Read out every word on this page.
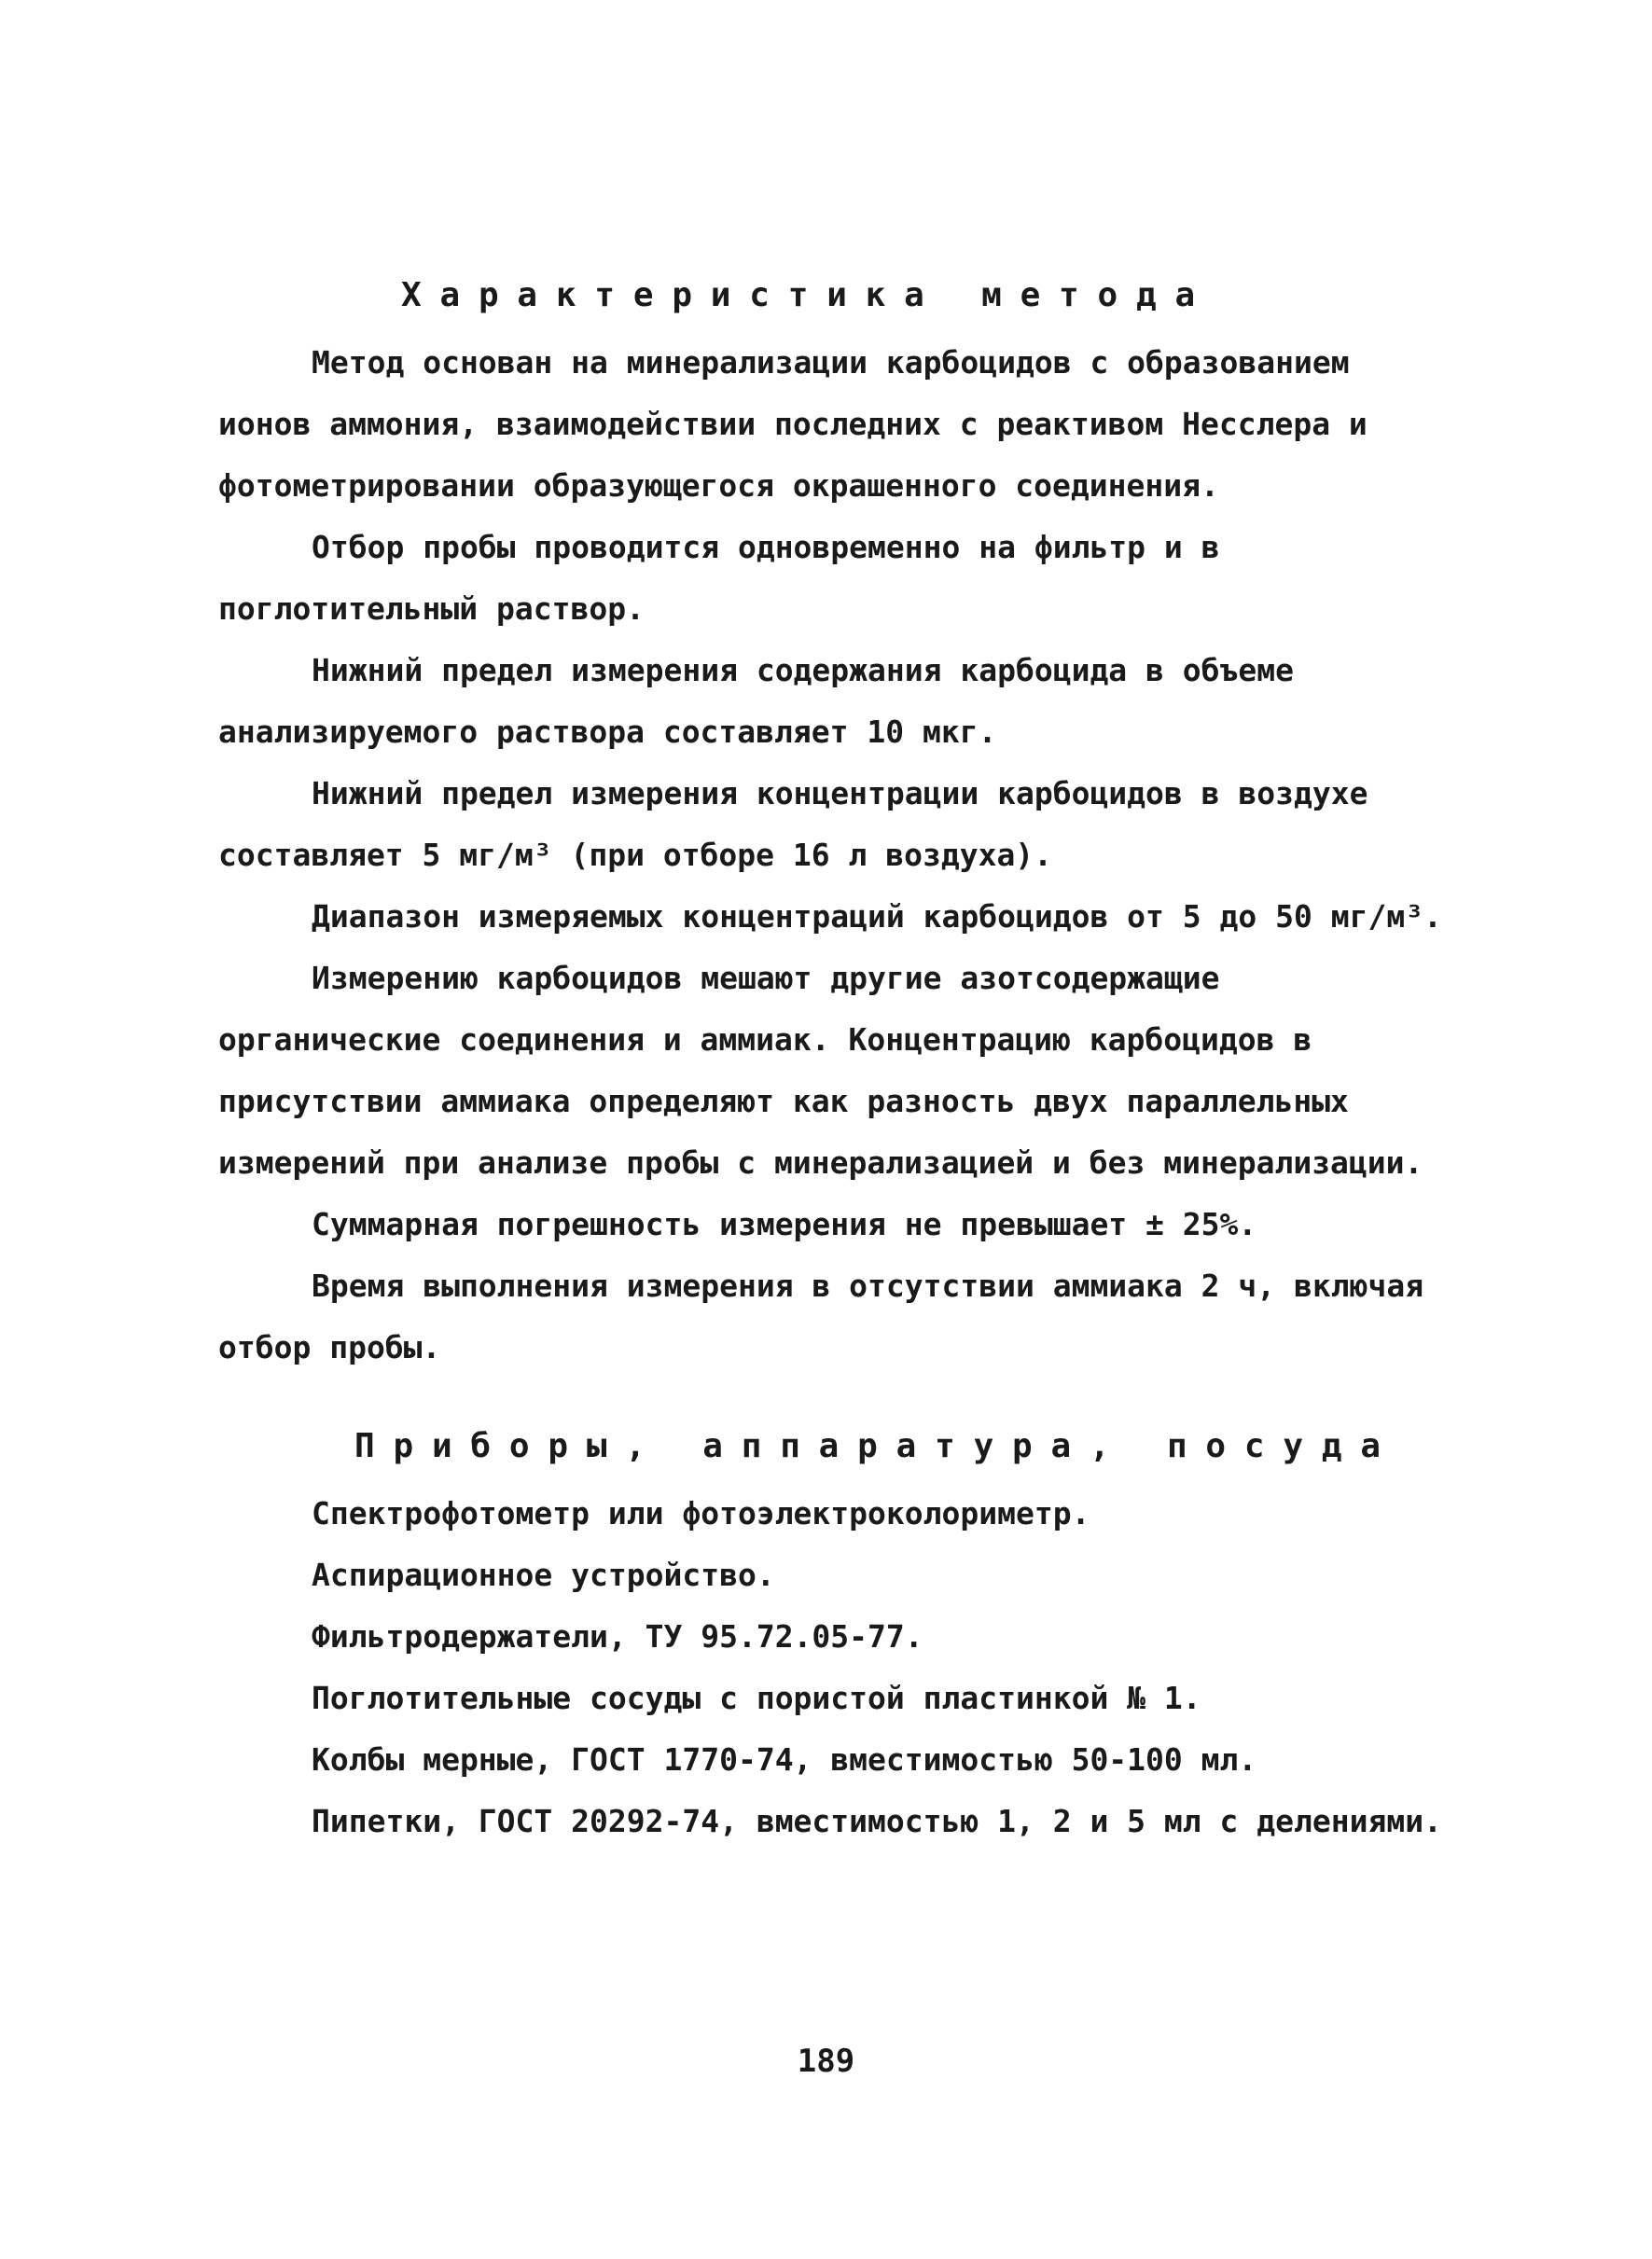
Характеристика метода

Метод основан на минерализации карбоцидов с образованием ионов аммония, взаимодействии последних с реактивом Несслера и фотометрировании образующегося окрашенного соединения.

Отбор пробы проводится одновременно на фильтр и в поглотительный раствор.

Нижний предел измерения содержания карбоцида в объеме анализируемого раствора составляет 10 мкг.

Нижний предел измерения концентрации карбоцидов в воздухе составляет 5 мг/м³ (при отборе 16 л воздуха).

Диапазон измеряемых концентраций карбоцидов от 5 до 50 мг/м³.

Измерению карбоцидов мешают другие азотсодержащие органические соединения и аммиак. Концентрацию карбоцидов в присутствии аммиака определяют как разность двух параллельных измерений при анализе пробы с минерализацией и без минерализации.

Суммарная погрешность измерения не превышает ± 25%.

Время выполнения измерения в отсутствии аммиака 2 ч, включая отбор пробы.

Приборы, аппаратура, посуда

Спектрофотометр или фотоэлектроколориметр.

Аспирационное устройство.

Фильтродержатели, ТУ 95.72.05-77.

Поглотительные сосуды с пористой пластинкой № 1.

Колбы мерные, ГОСТ 1770-74, вместимостью 50-100 мл.

Пипетки, ГОСТ 20292-74, вместимостью 1, 2 и 5 мл с делениями.

189
